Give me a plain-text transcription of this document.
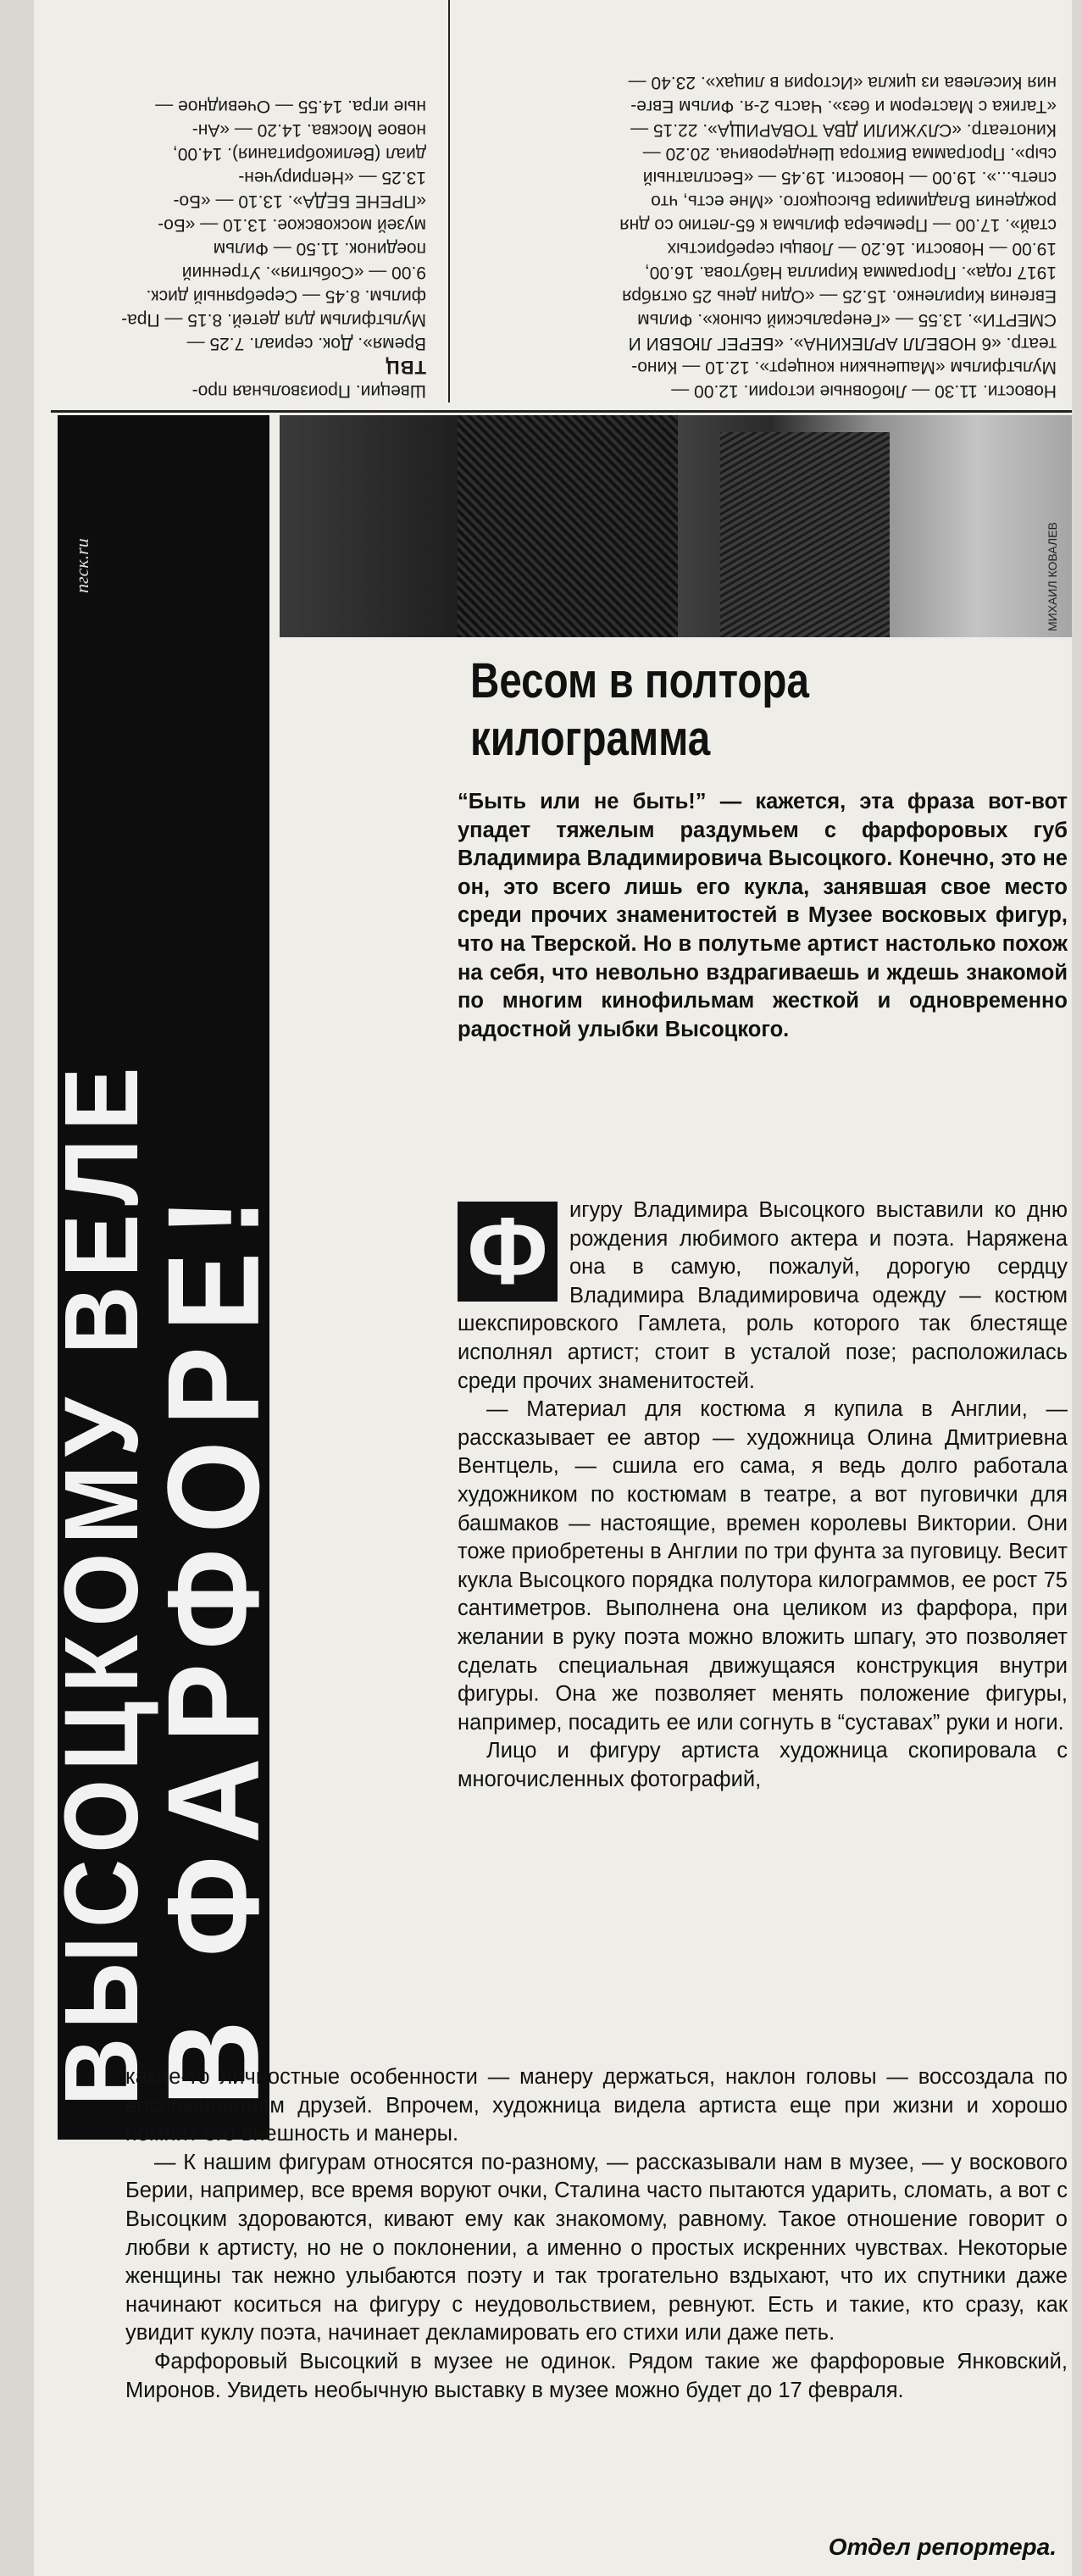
Новости. 11.30 — Любовные истории. 12.00 —
Мультфильм «Машенькин концерт». 12.10 — Кино-
театр. «6 НОВЕЛЛ АРЛЕКИНА». «БЕРЕГ ЛЮБВИ И
СМЕРТИ». 13.55 — «Генеральский сынок». Фильм
Евгения Кириленко. 15.25 — «Один день 25 октября
1917 года». Программа Кирилла Набутова. 16.00,
19.00 — Новости. 16.20 — Ловцы серебристых
стай». 17.00 — Премьера фильма к 65-летию со дня
рождения Владимира Высоцкого. «Мне есть, что
спеть...». 19.00 — Новости. 19.45 — «Бесплатный
сыр». Программа Виктора Шендеровича. 20.20 —
Кинотеатр. «СЛУЖИЛИ ДВА ТОВАРИЩА». 22.15 —
«Тагика с Мастером и без». Часть 2-я. Фильм Евге-
ния Киселева из цикла «История в лицах». 23.40 —
Швеции. Произвольная про-
ТВЦ
Время». Док. сериал. 7.25 —
Мультфильм для детей. 8.15 — Пра-
фильм. 8.45 — Серебряный диск.
9.00 — «События». Утренний
поединок. 11.50 — Фильм
музей московское. 13.10 — «Бо-
«ПРЕНЕ БЕДА». 13.10 — «Бо-
13.25 — «Неприручен-
диал (Великобритания). 14.00,
новое Москва. 14.20 — «Ан-
ные игра. 14.55 — Очевидное —
ВЫСОЦКОМУ ВЕЛЕ
В ФАРФОРЕ!
пгск.ru	МИХАИЛ КОВАЛЕВ
Весом в полтора килограмма

“Быть или не быть!” — кажется, эта фраза вот-вот упадет тяжелым раздумьем с фарфоровых губ Владимира Владимировича Высоцкого. Конечно, это не он, это всего лишь его кукла, занявшая свое место среди прочих знаменитостей в Музее восковых фигур, что на Тверской. Но в полутьме артист настолько похож на себя, что невольно вздрагиваешь и ждешь знакомой по многим кинофильмам жесткой и одновременно радостной улыбки Высоцкого.

Ф игуру Владимира Высоцкого выставили ко дню рождения любимого актера и поэта. Наряжена она в самую, пожалуй, дорогую сердцу Владимира Владимировича одежду — костюм шекспировского Гамлета, роль которого так блестяще исполнял артист; стоит в усталой позе; расположилась среди прочих знаменитостей.

— Материал для костюма я купила в Англии, — рассказывает ее автор — художница Олина Дмитриевна Вентцель, — сшила его сама, я ведь долго работала художником по костюмам в театре, а вот пуговички для башмаков — настоящие, времен королевы Виктории. Они тоже приобретены в Англии по три фунта за пуговицу. Весит кукла Высоцкого порядка полутора килограммов, ее рост 75 сантиметров. Выполнена она целиком из фарфора, при желании в руку поэта можно вложить шпагу, это позволяет сделать специальная движущаяся конструкция внутри фигуры. Она же позволяет менять положение фигуры, например, посадить ее или согнуть в “суставах” руки и ноги.

Лицо и фигуру артиста художница скопировала с многочисленных фотографий,

какие-то личностные особенности — манеру держаться, наклон головы — воссоздала по воспоминаниям друзей. Впрочем, художница видела артиста еще при жизни и хорошо помнит его внешность и манеры.

— К нашим фигурам относятся по-разному, — рассказывали нам в музее, — у воскового Берии, например, все время воруют очки, Сталина часто пытаются ударить, сломать, а вот с Высоцким здороваются, кивают ему как знакомому, равному. Такое отношение говорит о любви к артисту, но не о поклонении, а именно о простых искренних чувствах. Некоторые женщины так нежно улыбаются поэту и так трогательно вздыхают, что их спутники даже начинают коситься на фигуру с неудовольствием, ревнуют. Есть и такие, кто сразу, как увидит куклу поэта, начинает декламировать его стихи или даже петь.

Фарфоровый Высоцкий в музее не одинок. Рядом такие же фарфоровые Янковский, Миронов. Увидеть необычную выставку в музее можно будет до 17 февраля.

Отдел репортера.
